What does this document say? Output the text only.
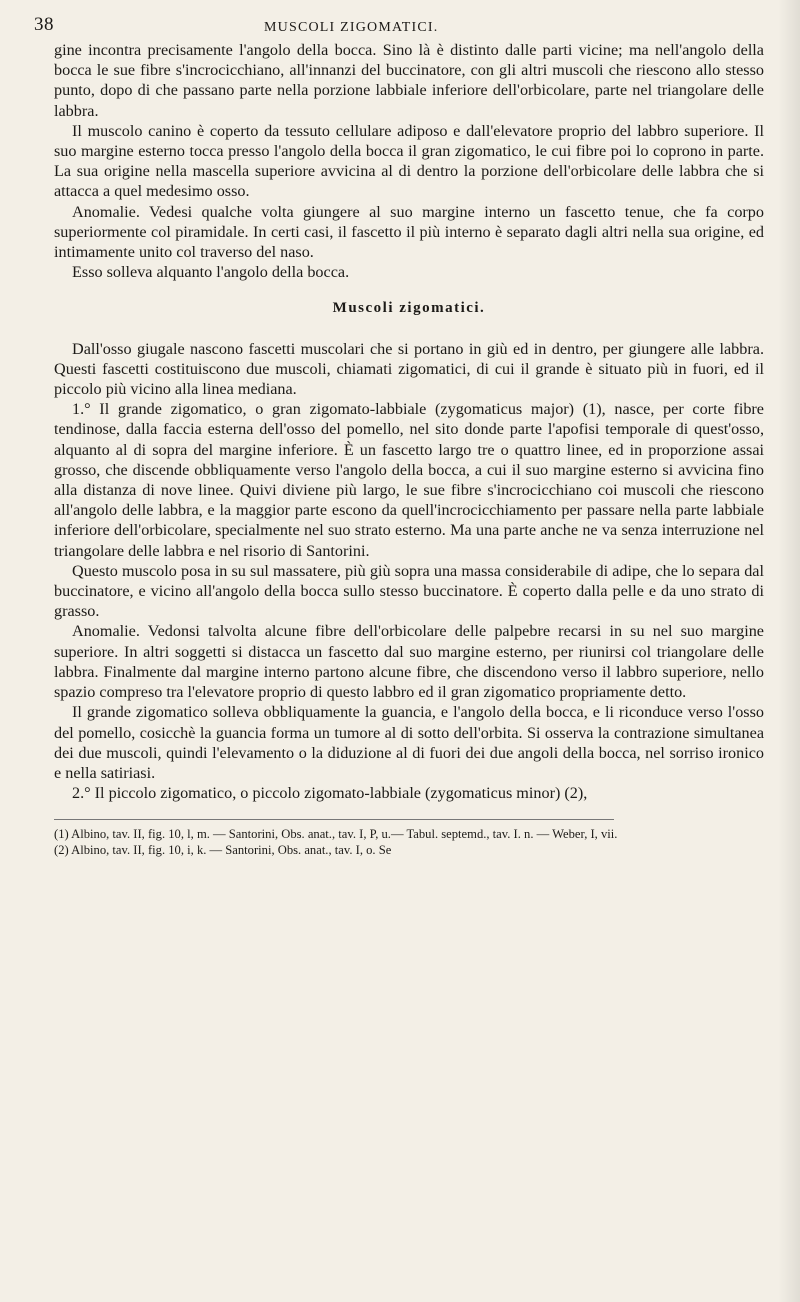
38	MUSCOLI ZIGOMATICI.

gine incontra precisamente l'angolo della bocca. Sino là è distinto dalle parti vicine; ma nell'angolo della bocca le sue fibre s'incrocicchiano, all'innanzi del buccinatore, con gli altri muscoli che riescono allo stesso punto, dopo di che passano parte nella porzione labbiale inferiore dell'orbicolare, parte nel triangolare delle labbra.

Il muscolo canino è coperto da tessuto cellulare adiposo e dall'elevatore proprio del labbro superiore. Il suo margine esterno tocca presso l'angolo della bocca il gran zigomatico, le cui fibre poi lo coprono in parte. La sua origine nella mascella superiore avvicina al di dentro la porzione dell'orbicolare delle labbra che si attacca a quel medesimo osso.

Anomalie. Vedesi qualche volta giungere al suo margine interno un fascetto tenue, che fa corpo superiormente col piramidale. In certi casi, il fascetto il più interno è separato dagli altri nella sua origine, ed intimamente unito col traverso del naso.

Esso solleva alquanto l'angolo della bocca.

Muscoli zigomatici.

Dall'osso giugale nascono fascetti muscolari che si portano in giù ed in dentro, per giungere alle labbra. Questi fascetti costituiscono due muscoli, chiamati zigomatici, di cui il grande è situato più in fuori, ed il piccolo più vicino alla linea mediana.

1.° Il grande zigomatico, o gran zigomato-labbiale (zygomaticus major) (1), nasce, per corte fibre tendinose, dalla faccia esterna dell'osso del pomello, nel sito donde parte l'apofisi temporale di quest'osso, alquanto al di sopra del margine inferiore. È un fascetto largo tre o quattro linee, ed in proporzione assai grosso, che discende obbliquamente verso l'angolo della bocca, a cui il suo margine esterno si avvicina fino alla distanza di nove linee. Quivi diviene più largo, le sue fibre s'incrocicchiano coi muscoli che riescono all'angolo delle labbra, e la maggior parte escono da quell'incrocicchiamento per passare nella parte labbiale inferiore dell'orbicolare, specialmente nel suo strato esterno. Ma una parte anche ne va senza interruzione nel triangolare delle labbra e nel risorio di Santorini.

Questo muscolo posa in su sul massatere, più giù sopra una massa considerabile di adipe, che lo separa dal buccinatore, e vicino all'angolo della bocca sullo stesso buccinatore. È coperto dalla pelle e da uno strato di grasso.

Anomalie. Vedonsi talvolta alcune fibre dell'orbicolare delle palpebre recarsi in su nel suo margine superiore. In altri soggetti si distacca un fascetto dal suo margine esterno, per riunirsi col triangolare delle labbra. Finalmente dal margine interno partono alcune fibre, che discendono verso il labbro superiore, nello spazio compreso tra l'elevatore proprio di questo labbro ed il gran zigomatico propriamente detto.

Il grande zigomatico solleva obbliquamente la guancia, e l'angolo della bocca, e li riconduce verso l'osso del pomello, cosicchè la guancia forma un tumore al di sotto dell'orbita. Si osserva la contrazione simultanea dei due muscoli, quindi l'elevamento o la diduzione al di fuori dei due angoli della bocca, nel sorriso ironico e nella satiriasi.

2.° Il piccolo zigomatico, o piccolo zigomato-labbiale (zygomaticus minor) (2),

(1) Albino, tav. II, fig. 10, l, m. — Santorini, Obs. anat., tav. I, P, u.— Tabul. septemd., tav. I. n. — Weber, I, vii.

(2) Albino, tav. II, fig. 10, i, k. — Santorini, Obs. anat., tav. I, o. Se
